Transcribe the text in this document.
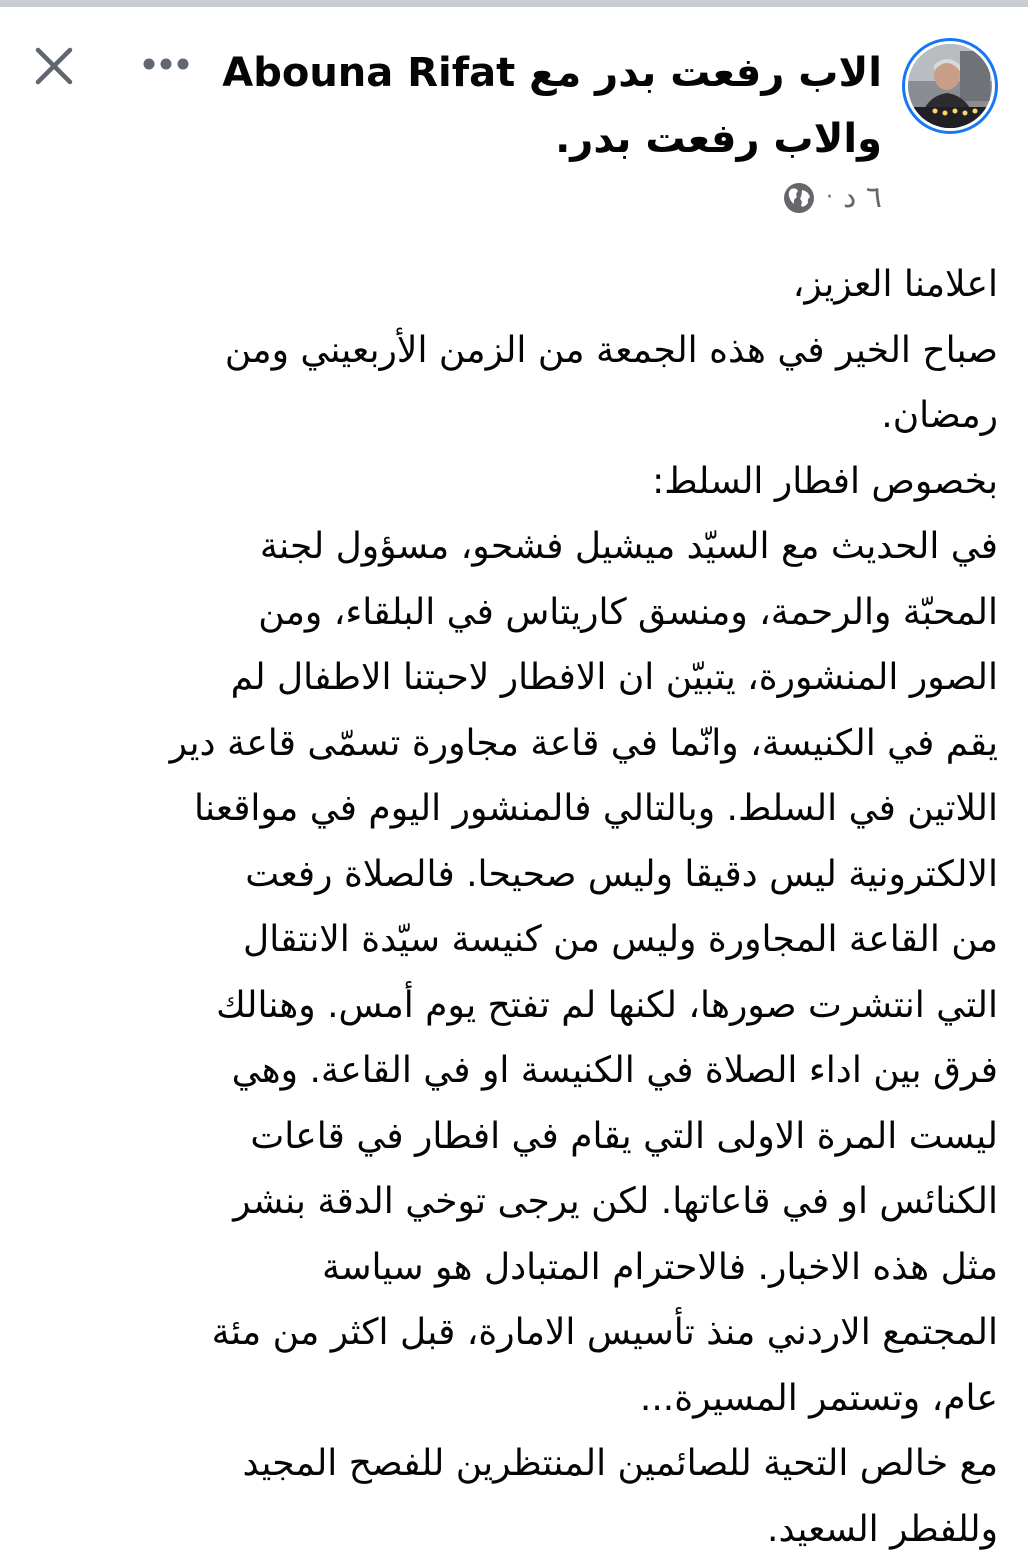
الاب رفعت بدر مع Abouna Rifat
والاب رفعت بدر.
٦ د
·
اعلامنا العزيز،
صباح الخير في هذه الجمعة من الزمن الأربعيني ومن
رمضان.
بخصوص افطار السلط:
في الحديث مع السيّد ميشيل فشحو، مسؤول لجنة
المحبّة والرحمة، ومنسق كاريتاس في البلقاء، ومن
الصور المنشورة، يتبيّن ان الافطار لاحبتنا الاطفال لم
يقم في الكنيسة، وانّما في قاعة مجاورة تسمّى قاعة دير
اللاتين في السلط. وبالتالي فالمنشور اليوم في مواقعنا
الالكترونية ليس دقيقا وليس صحيحا. فالصلاة رفعت
من القاعة المجاورة وليس من كنيسة سيّدة الانتقال
التي انتشرت صورها، لكنها لم تفتح يوم أمس. وهنالك
فرق بين اداء الصلاة في الكنيسة او في القاعة. وهي
ليست المرة الاولى التي يقام في افطار في قاعات
الكنائس او في قاعاتها. لكن يرجى توخي الدقة بنشر
مثل هذه الاخبار. فالاحترام المتبادل هو سياسة
المجتمع الاردني منذ تأسيس الامارة، قبل اكثر من مئة
عام، وتستمر المسيرة...
مع خالص التحية للصائمين المنتظرين للفصح المجيد
وللفطر السعيد.
